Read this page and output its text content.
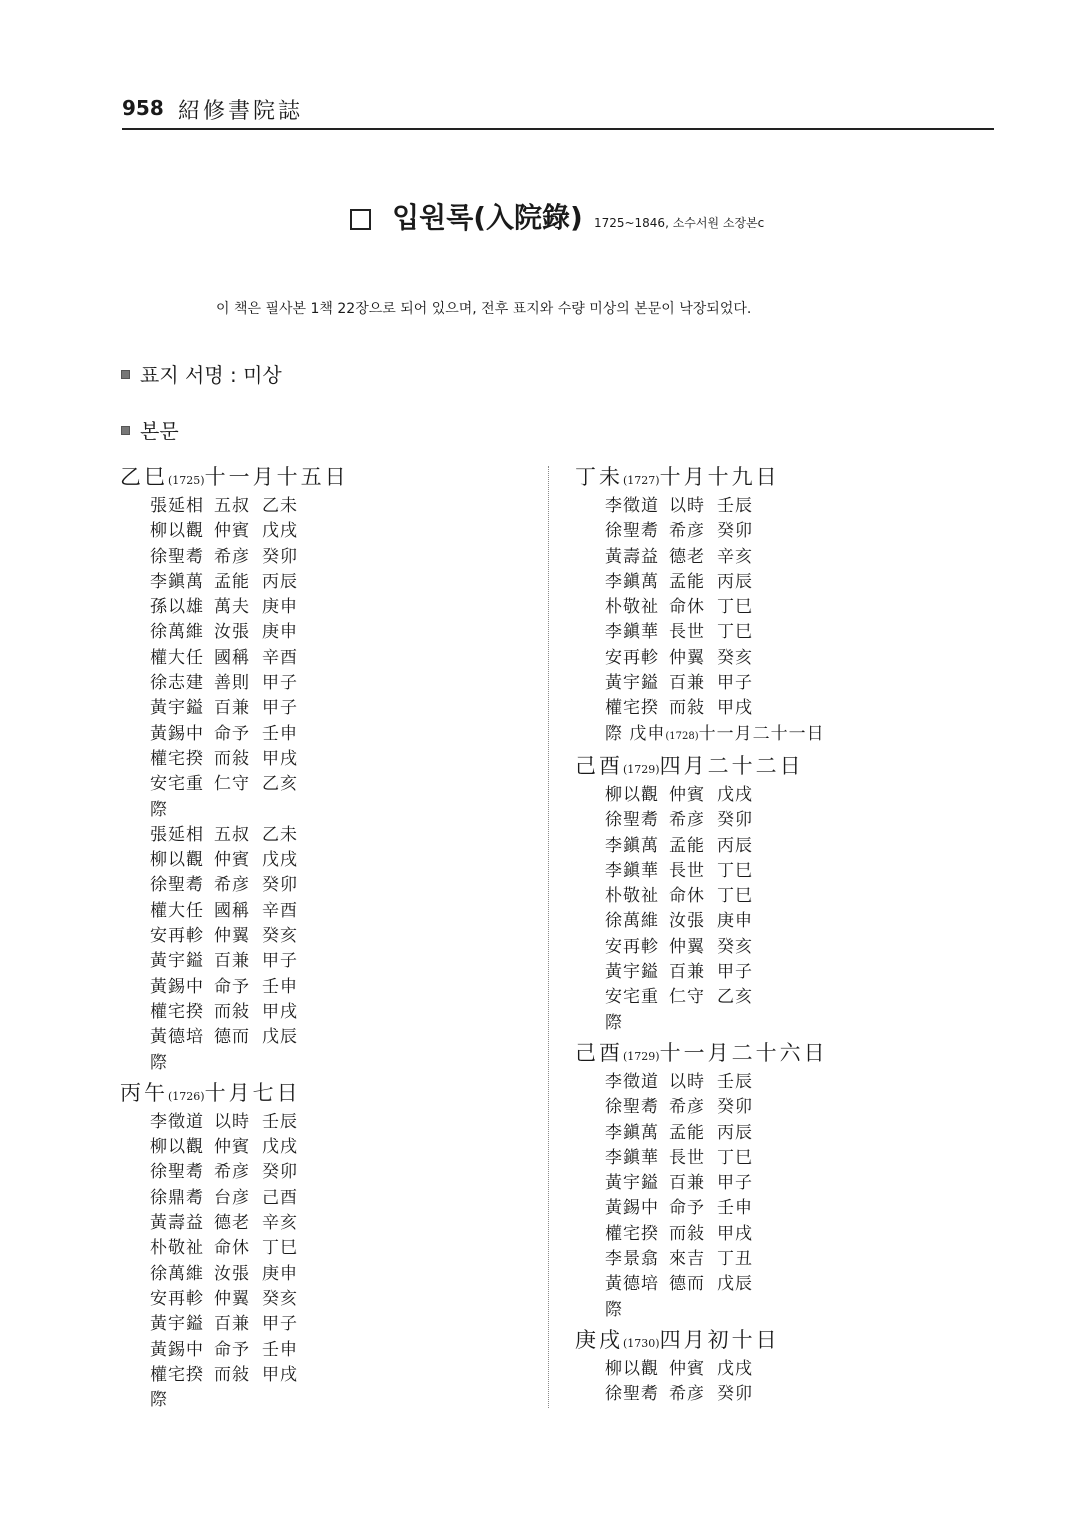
958 紹修書院誌
입원록(入院錄) 1725~1846, 소수서원 소장본c
이 책은 필사본 1책 22장으로 되어 있으며, 전후 표지와 수량 미상의 본문이 낙장되었다.
표지 서명 : 미상
본문
乙巳(1725)十一月十五日
張延相 五叔 乙未
柳以觀 仲賓 戊戌
徐聖耈 希彦 癸卯
李鎭萬 孟能 丙辰
孫以雄 萬夫 庚申
徐萬維 汝張 庚申
權大任 國稱 辛酉
徐志建 善則 甲子
黃宇鎰 百兼 甲子
黃錫中 命予 壬申
權宅揆 而敍 甲戌
安宅重 仁守 乙亥
際
張延相 五叔 乙未
柳以觀 仲賓 戊戌
徐聖耈 希彦 癸卯
權大任 國稱 辛酉
安再軫 仲翼 癸亥
黃宇鎰 百兼 甲子
黃錫中 命予 壬申
權宅揆 而敍 甲戌
黃德培 德而 戊辰
際
丙午(1726)十月七日
李徵道 以時 壬辰
柳以觀 仲賓 戊戌
徐聖耈 希彦 癸卯
徐鼎耈 台彦 己酉
黃壽益 德老 辛亥
朴敬祉 命休 丁巳
徐萬維 汝張 庚申
安再軫 仲翼 癸亥
黃宇鎰 百兼 甲子
黃錫中 命予 壬申
權宅揆 而敍 甲戌
際
丁未(1727)十月十九日
李徵道 以時 壬辰
徐聖耈 希彦 癸卯
黃壽益 德老 辛亥
李鎭萬 孟能 丙辰
朴敬祉 命休 丁巳
李鎭華 長世 丁巳
安再軫 仲翼 癸亥
黃宇鎰 百兼 甲子
權宅揆 而敍 甲戌
際 戊申(1728)十一月二十一日
己酉(1729)四月二十二日
柳以觀 仲賓 戊戌
徐聖耈 希彦 癸卯
李鎭萬 孟能 丙辰
李鎭華 長世 丁巳
朴敬祉 命休 丁巳
徐萬維 汝張 庚申
安再軫 仲翼 癸亥
黃宇鎰 百兼 甲子
安宅重 仁守 乙亥
際
己酉(1729)十一月二十六日
李徵道 以時 壬辰
徐聖耈 希彦 癸卯
李鎭萬 孟能 丙辰
李鎭華 長世 丁巳
黃宇鎰 百兼 甲子
黃錫中 命予 壬申
權宅揆 而敍 甲戌
李景翕 來吉 丁丑
黃德培 德而 戊辰
際
庚戌(1730)四月初十日
柳以觀 仲賓 戊戌
徐聖耈 希彦 癸卯
